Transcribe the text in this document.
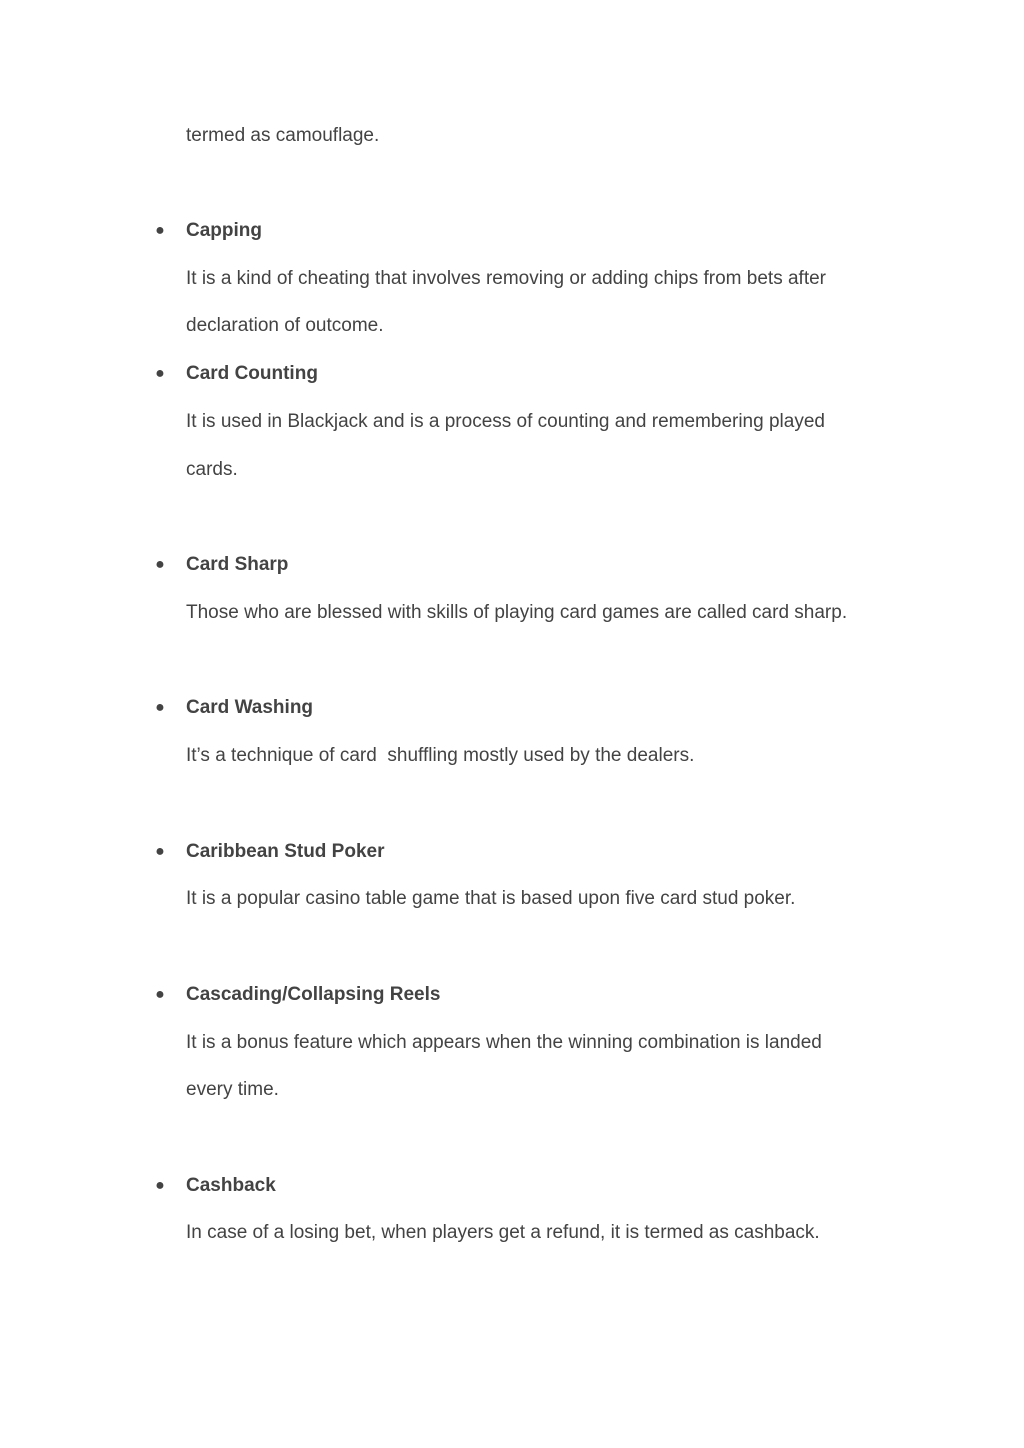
termed as camouflage.
● Capping
It is a kind of cheating that involves removing or adding chips from bets after
declaration of outcome.
● Card Counting
It is used in Blackjack and is a process of counting and remembering played
cards.
● Card Sharp
Those who are blessed with skills of playing card games are called card sharp.
● Card Washing
It’s a technique of card  shuffling mostly used by the dealers.
● Caribbean Stud Poker
It is a popular casino table game that is based upon five card stud poker.
● Cascading/Collapsing Reels
It is a bonus feature which appears when the winning combination is landed
every time.
● Cashback
In case of a losing bet, when players get a refund, it is termed as cashback.
